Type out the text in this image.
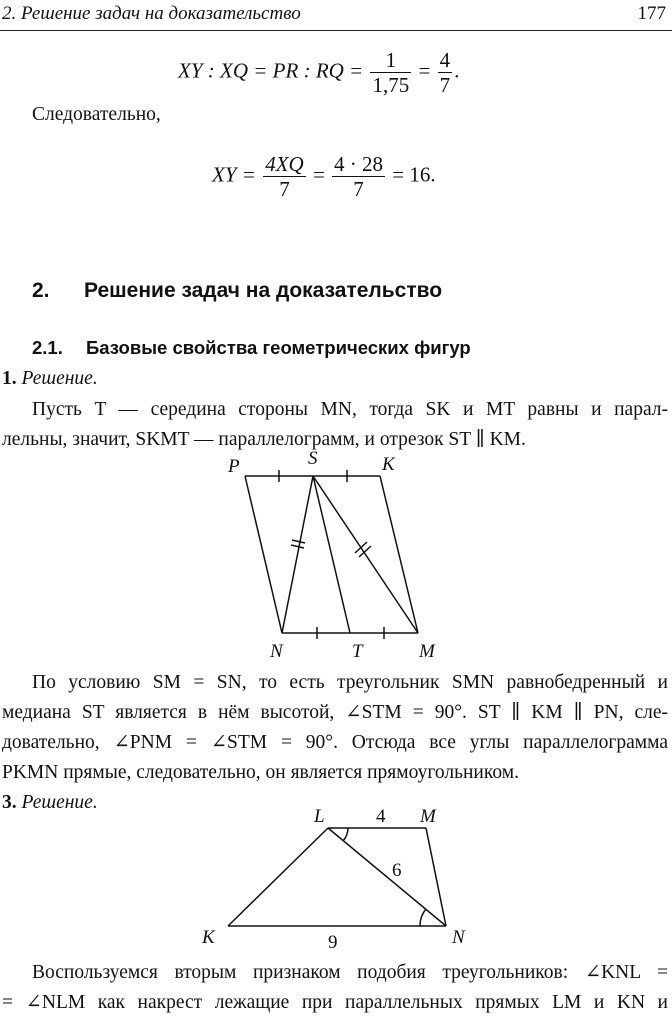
2. Решение задач на доказательство	177
XY : XQ = PR : RQ = $\frac{1}{1,75} = \frac{4}{7}$ .
Следовательно,
XY = $\frac{4XQ}{7} = \frac{4 \cdot 28}{7} = 16$.
2. Решение задач на доказательство
2.1. Базовые свойства геометрических фигур
1. Решение.
Пусть T — середина стороны MN, тогда SK и MT равны и парал-
лельны, значит, SKMT — параллелограмм, и отрезок ST ∥ KM.
P	S	K
N	T	M
По условию SM = SN, то есть треугольник SMN равнобедренный и
медиана ST является в нём высотой, ∠STM = 90°. ST ∥ KM ∥ PN, сле-
довательно, ∠PNM = ∠STM = 90°. Отсюда все углы параллелограмма
PKMN прямые, следовательно, он является прямоугольником.
3. Решение.
L	M
K	N
4
6
9
Воспользуемся вторым признаком подобия треугольников: ∠KNL =
= ∠NLM как накрест лежащие при параллельных прямых LM и KN и
